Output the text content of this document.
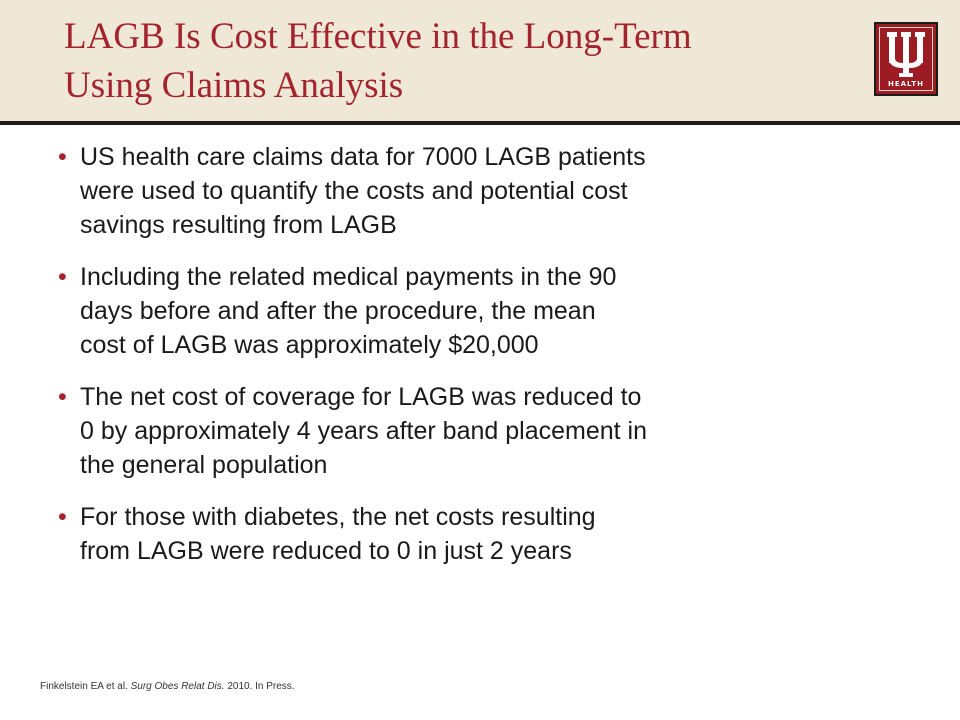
LAGB Is Cost Effective in the Long-Term
Using Claims Analysis	HEALTH
• US health care claims data for 7000 LAGB patients
were used to quantify the costs and potential cost
savings resulting from LAGB
• Including the related medical payments in the 90
days before and after the procedure, the mean
cost of LAGB was approximately $20,000
• The net cost of coverage for LAGB was reduced to
0 by approximately 4 years after band placement in
the general population
• For those with diabetes, the net costs resulting
from LAGB were reduced to 0 in just 2 years
Finkelstein EA et al. Surg Obes Relat Dis. 2010. In Press.
